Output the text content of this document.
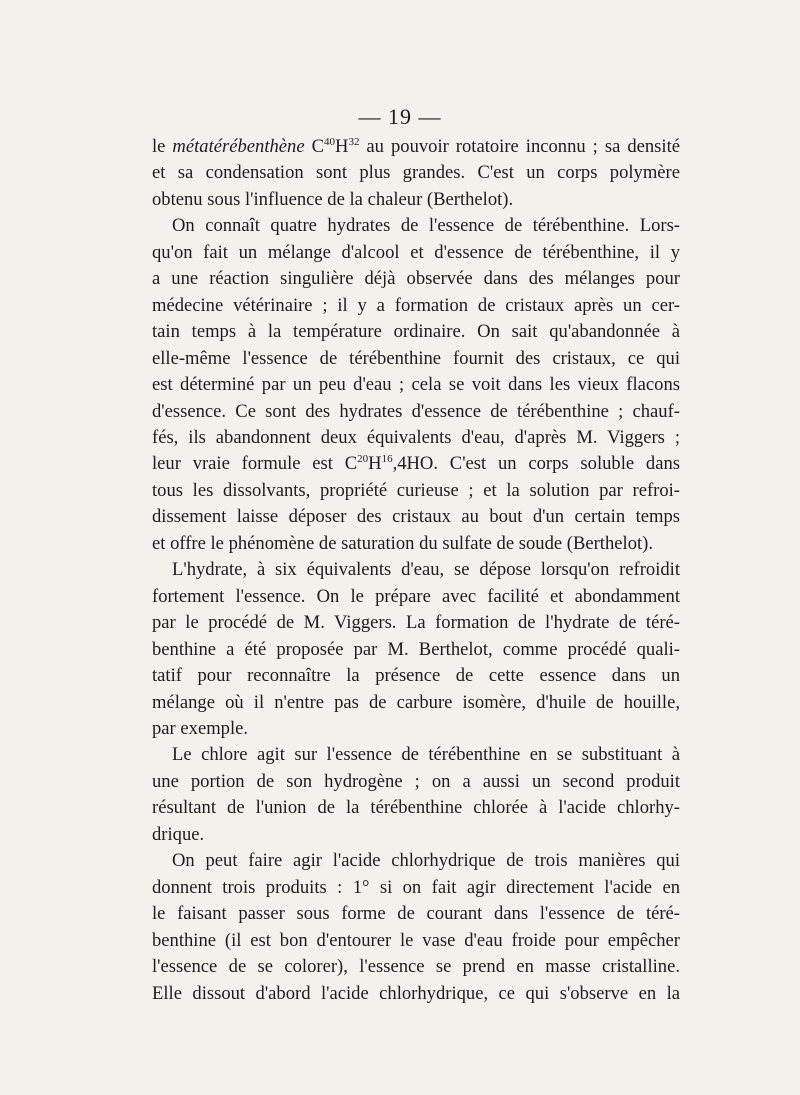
— 19 —
le métatérébenthène $C^{40}H^{32}$ au pouvoir rotatoire inconnu ; sa densité
et sa condensation sont plus grandes. C'est un corps polymère
obtenu sous l'influence de la chaleur (Berthelot).
On connaît quatre hydrates de l'essence de térébenthine. Lors-
qu'on fait un mélange d'alcool et d'essence de térébenthine, il y
a une réaction singulière déjà observée dans des mélanges pour
médecine vétérinaire ; il y a formation de cristaux après un cer-
tain temps à la température ordinaire. On sait qu'abandonnée à
elle-même l'essence de térébenthine fournit des cristaux, ce qui
est déterminé par un peu d'eau ; cela se voit dans les vieux flacons
d'essence. Ce sont des hydrates d'essence de térébenthine ; chauf-
fés, ils abandonnent deux équivalents d'eau, d'après M. Viggers ;
leur vraie formule est $C^{20}H^{16},4HO$. C'est un corps soluble dans
tous les dissolvants, propriété curieuse ; et la solution par refroi-
dissement laisse déposer des cristaux au bout d'un certain temps
et offre le phénomène de saturation du sulfate de soude (Berthelot).
L'hydrate, à six équivalents d'eau, se dépose lorsqu'on refroidit
fortement l'essence. On le prépare avec facilité et abondamment
par le procédé de M. Viggers. La formation de l'hydrate de téré-
benthine a été proposée par M. Berthelot, comme procédé quali-
tatif pour reconnaître la présence de cette essence dans un
mélange où il n'entre pas de carbure isomère, d'huile de houille,
par exemple.
Le chlore agit sur l'essence de térébenthine en se substituant à
une portion de son hydrogène ; on a aussi un second produit
résultant de l'union de la térébenthine chlorée à l'acide chlorhy-
drique.
On peut faire agir l'acide chlorhydrique de trois manières qui
donnent trois produits : 1° si on fait agir directement l'acide en
le faisant passer sous forme de courant dans l'essence de téré-
benthine (il est bon d'entourer le vase d'eau froide pour empêcher
l'essence de se colorer), l'essence se prend en masse cristalline.
Elle dissout d'abord l'acide chlorhydrique, ce qui s'observe en la
